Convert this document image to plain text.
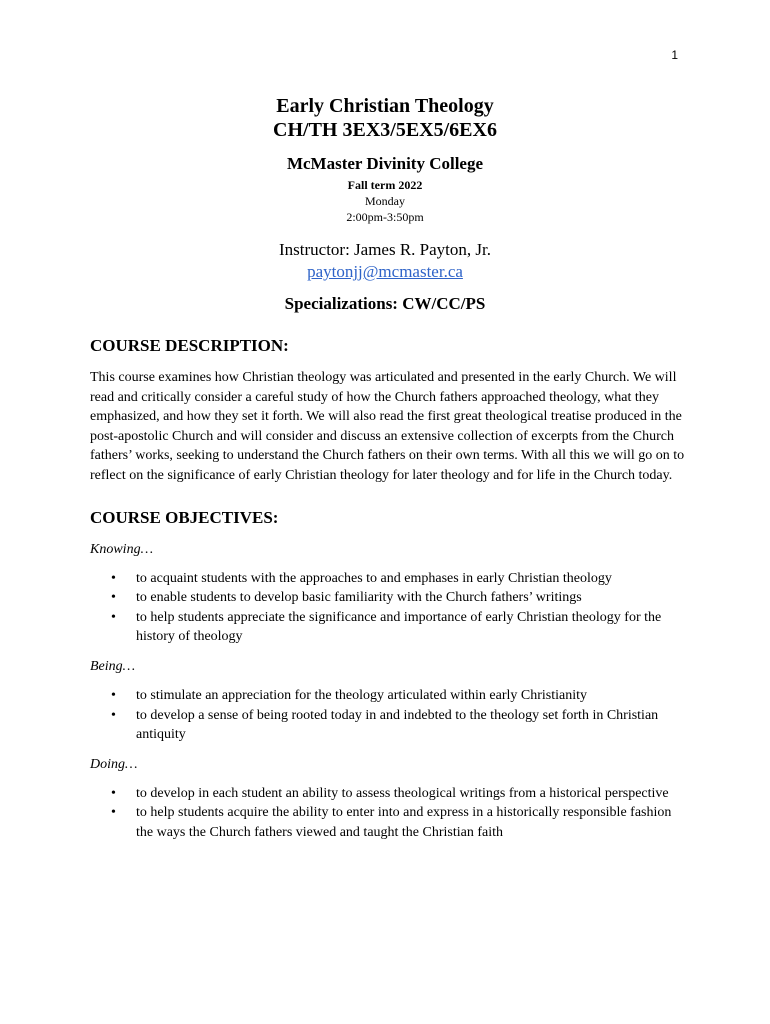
1
Early Christian Theology
CH/TH 3EX3/5EX5/6EX6
McMaster Divinity College
Fall term 2022
Monday
2:00pm-3:50pm
Instructor: James R. Payton, Jr.
paytonjj@mcmaster.ca
Specializations: CW/CC/PS
COURSE DESCRIPTION:

This course examines how Christian theology was articulated and presented in the early Church. We will read and critically consider a careful study of how the Church fathers approached theology, what they emphasized, and how they set it forth. We will also read the first great theological treatise produced in the post-apostolic Church and will consider and discuss an extensive collection of excerpts from the Church fathers’ works, seeking to understand the Church fathers on their own terms. With all this we will go on to reflect on the significance of early Christian theology for later theology and for life in the Church today.

COURSE OBJECTIVES:
Knowing…
• to acquaint students with the approaches to and emphases in early Christian theology
• to enable students to develop basic familiarity with the Church fathers’ writings
• to help students appreciate the significance and importance of early Christian theology for the history of theology
Being…
• to stimulate an appreciation for the theology articulated within early Christianity
• to develop a sense of being rooted today in and indebted to the theology set forth in Christian antiquity
Doing…
• to develop in each student an ability to assess theological writings from a historical perspective
• to help students acquire the ability to enter into and express in a historically responsible fashion the ways the Church fathers viewed and taught the Christian faith
